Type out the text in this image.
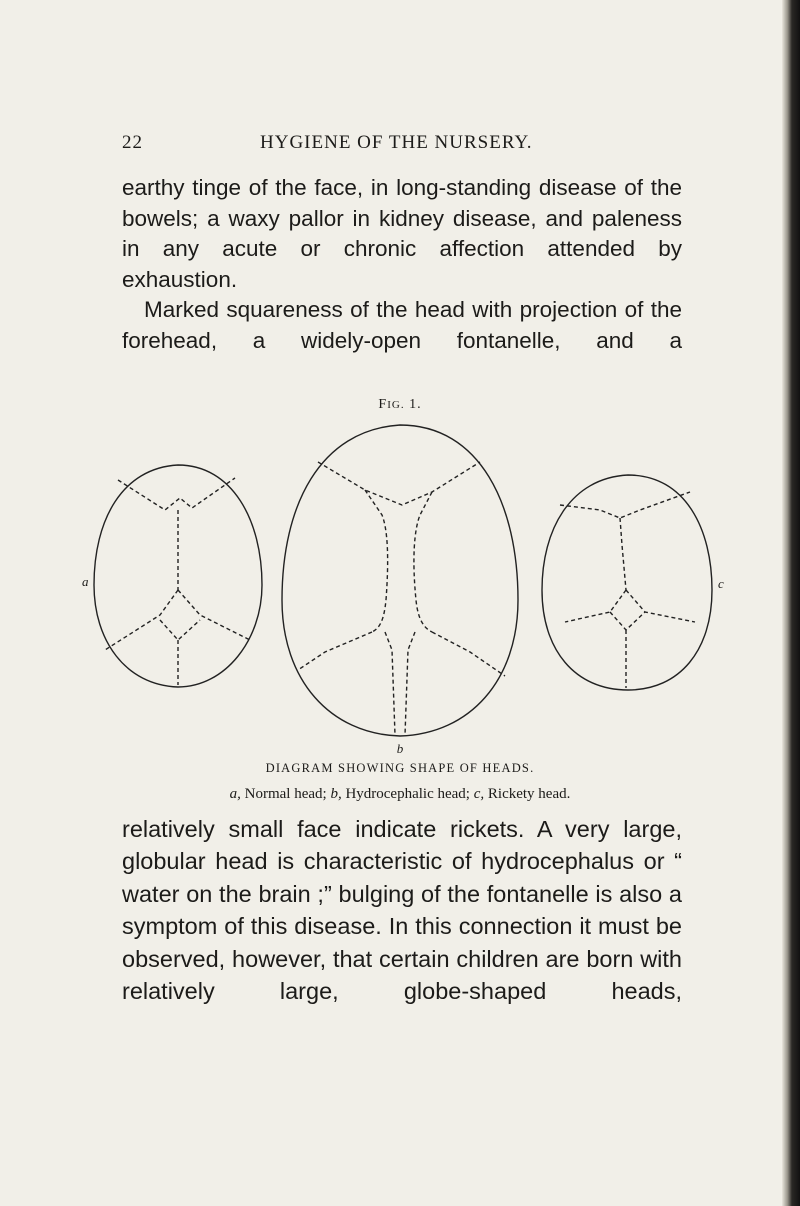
22	HYGIENE OF THE NURSERY.

earthy tinge of the face, in long-standing disease of the bowels; a waxy pallor in kidney disease, and paleness in any acute or chronic affection attended by exhaustion.

Marked squareness of the head with projection of the forehead, a widely-open fontanelle, and a

FIG. 1.
a	c
b
DIAGRAM SHOWING SHAPE OF HEADS.
a, Normal head; b, Hydrocephalic head; c, Rickety head.

relatively small face indicate rickets. A very large, globular head is characteristic of hydrocephalus or “ water on the brain ;” bulging of the fontanelle is also a symptom of this disease. In this connection it must be observed, however, that certain children are born with relatively large, globe-shaped heads,
